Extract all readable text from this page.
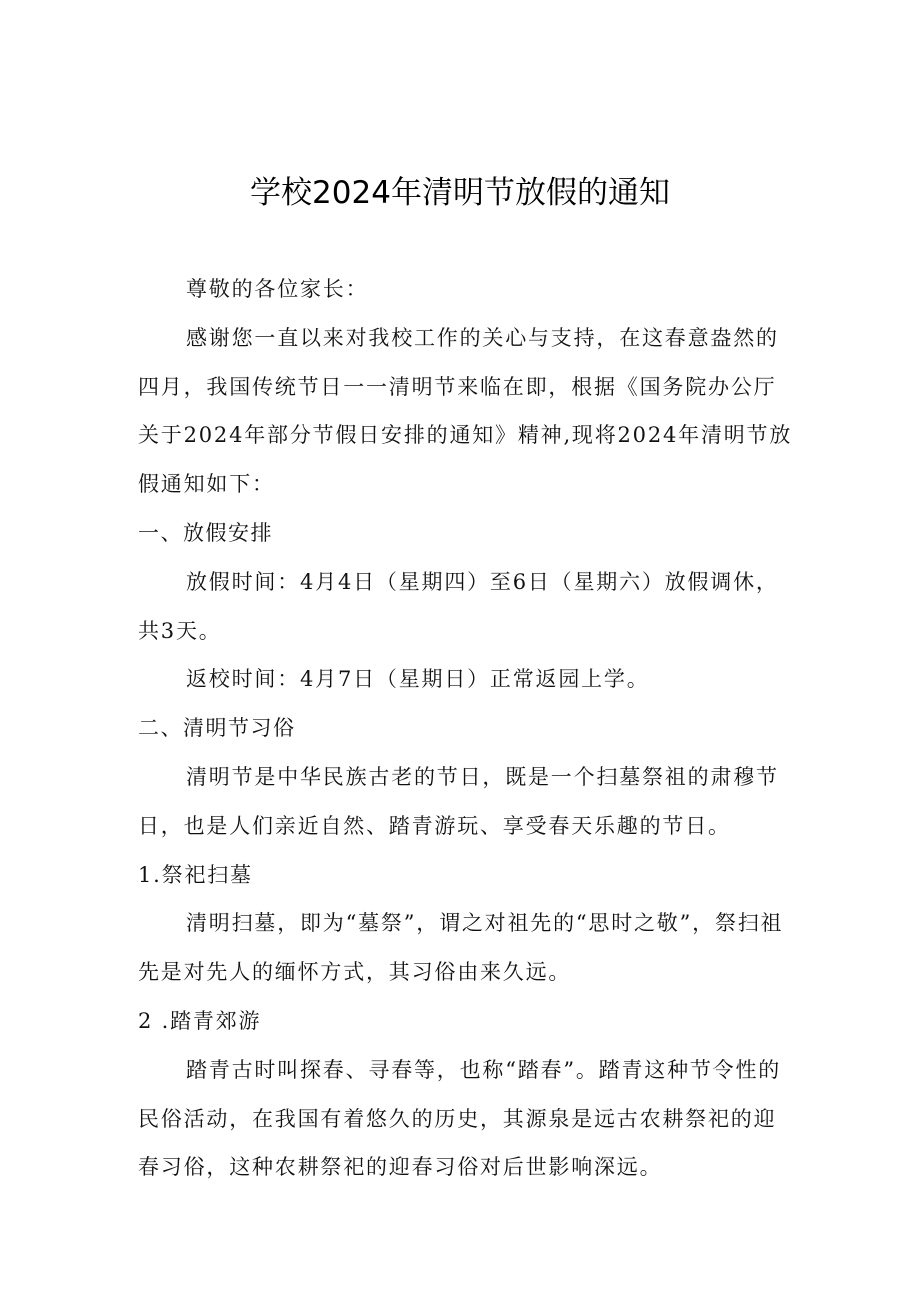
学校2024年清明节放假的通知

尊敬的各位家长：

感谢您一直以来对我校工作的关心与支持，在这春意盎然的四月，我国传统节日一一清明节来临在即，根据《国务院办公厅关于2024年部分节假日安排的通知》精神,现将2024年清明节放假通知如下：

一、放假安排

放假时间：4月4日（星期四）至6日（星期六）放假调休，共3天。

返校时间：4月7日（星期日）正常返园上学。

二、清明节习俗

清明节是中华民族古老的节日，既是一个扫墓祭祖的肃穆节日，也是人们亲近自然、踏青游玩、享受春天乐趣的节日。

1.祭祀扫墓

清明扫墓，即为“墓祭”，谓之对祖先的“思时之敬”，祭扫祖先是对先人的缅怀方式，其习俗由来久远。

2 .踏青郊游

踏青古时叫探春、寻春等，也称“踏春”。踏青这种节令性的民俗活动，在我国有着悠久的历史，其源泉是远古农耕祭祀的迎春习俗，这种农耕祭祀的迎春习俗对后世影响深远。
